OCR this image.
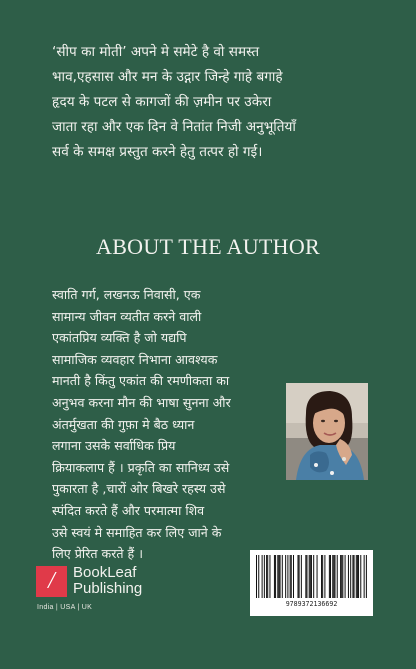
‘सीप का मोती’ अपने मे समेटे है वो समस्त
भाव,एहसास और मन के उद्गार जिन्हे गाहे बगाहे
हृदय के पटल से कागजों की ज़मीन पर उकेरा
जाता रहा और एक दिन वे नितांत निजी अनुभूतियाँ
सर्व के समक्ष प्रस्तुत करने हेतु तत्पर हो गई।
ABOUT THE AUTHOR
स्वाति गर्ग, लखनऊ निवासी, एक
सामान्य जीवन व्यतीत करने वाली
एकांतप्रिय व्यक्ति है जो यद्यपि
सामाजिक व्यवहार निभाना आवश्यक
मानती है किंतु एकांत की रमणीकता का
अनुभव करना मौन की भाषा सुनना और
अंतर्मुखता की गुफ़ा मे बैठ ध्यान
लगाना उसके सर्वाधिक प्रिय
क्रियाकलाप हैं । प्रकृति का सानिध्य उसे
पुकारता है ,चारों ओर बिखरे रहस्य उसे
स्पंदित करते हैं और परमात्मा शिव
उसे स्वयं मे समाहित कर लिए जाने के
लिए प्रेरित करते हैं ।
/	BookLeaf
Publishing
India | USA | UK	9789372136692
